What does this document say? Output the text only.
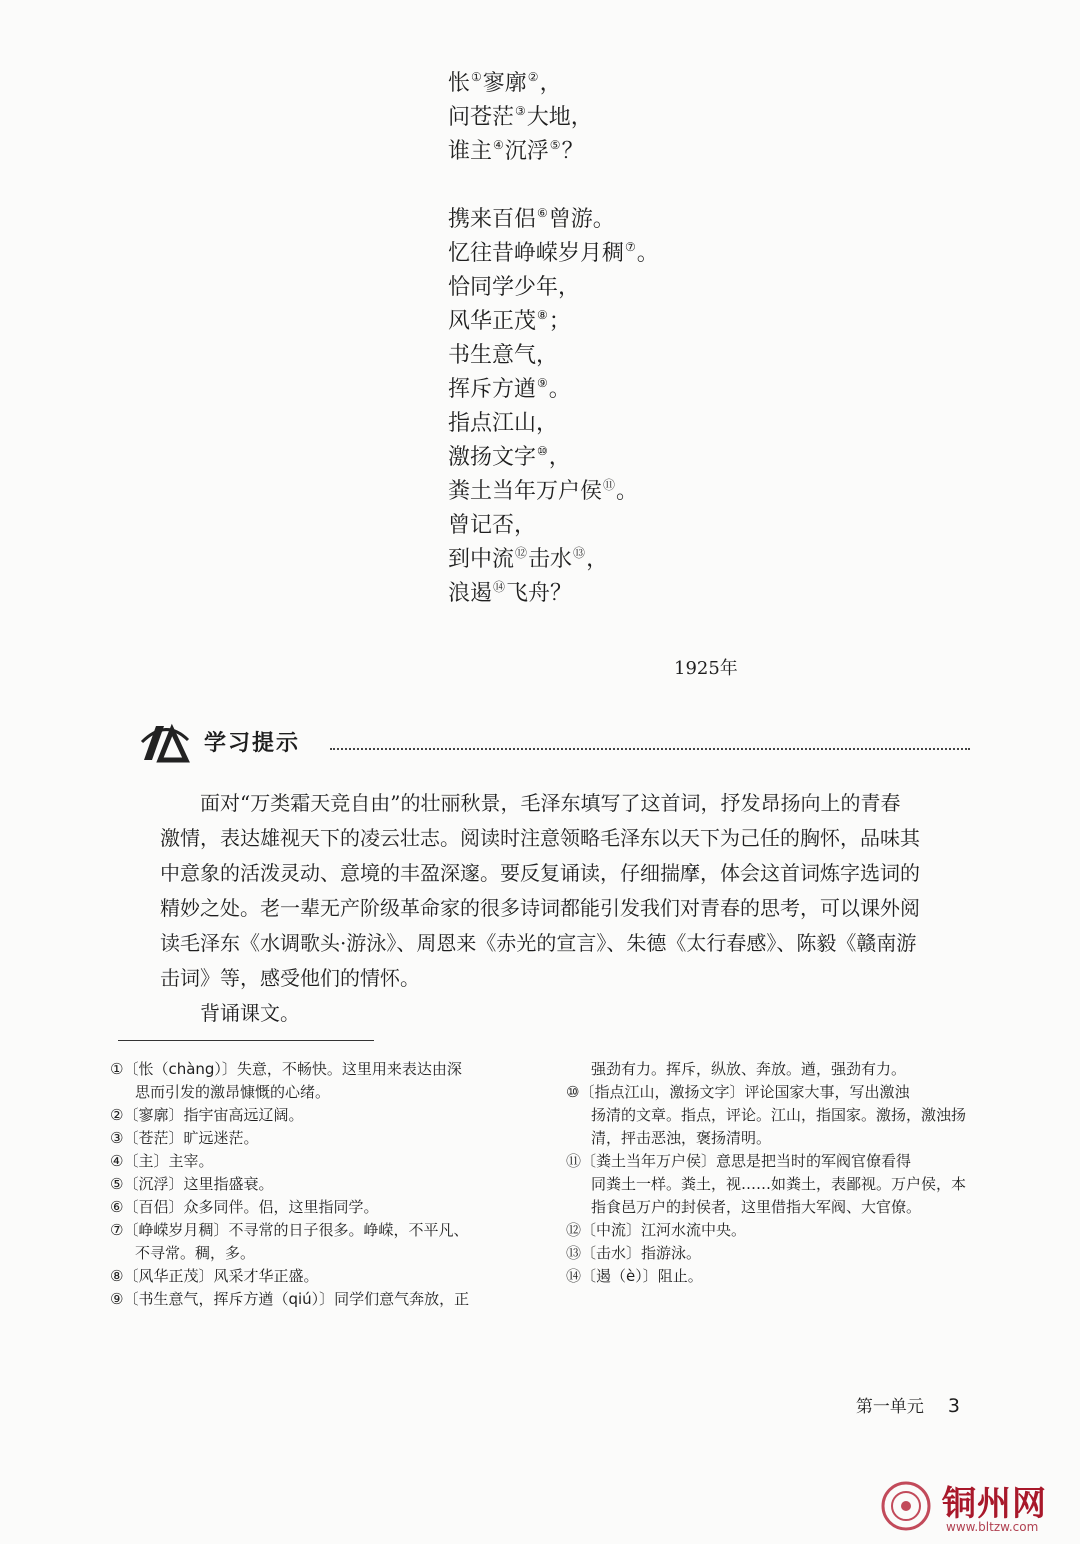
怅①寥廓②，
问苍茫③大地，
谁主④沉浮⑤？
携来百侣⑥曾游。
忆往昔峥嵘岁月稠⑦。
恰同学少年，
风华正茂⑧；
书生意气，
挥斥方遒⑨。
指点江山，
激扬文字⑩，
粪土当年万户侯⑪。
曾记否，
到中流⑫击水⑬，
浪遏⑭飞舟？
1925年
学习提示

面对“万类霜天竞自由”的壮丽秋景，毛泽东填写了这首词，抒发昂扬向上的青春激情，表达雄视天下的凌云壮志。阅读时注意领略毛泽东以天下为己任的胸怀，品味其中意象的活泼灵动、意境的丰盈深邃。要反复诵读，仔细揣摩，体会这首词炼字选词的精妙之处。老一辈无产阶级革命家的很多诗词都能引发我们对青春的思考，可以课外阅读毛泽东《水调歌头·游泳》、周恩来《赤光的宣言》、朱德《太行春感》、陈毅《赣南游击词》等，感受他们的情怀。

背诵课文。

①〔怅（chàng）〕失意，不畅快。这里用来表达由深
思而引发的激昂慷慨的心绪。
②〔寥廓〕指宇宙高远辽阔。
③〔苍茫〕旷远迷茫。
④〔主〕主宰。
⑤〔沉浮〕这里指盛衰。
⑥〔百侣〕众多同伴。侣，这里指同学。
⑦〔峥嵘岁月稠〕不寻常的日子很多。峥嵘，不平凡、
不寻常。稠，多。
⑧〔风华正茂〕风采才华正盛。
⑨〔书生意气，挥斥方遒（qiú）〕同学们意气奔放，正
强劲有力。挥斥，纵放、奔放。遒，强劲有力。
⑩〔指点江山，激扬文字〕评论国家大事，写出激浊
扬清的文章。指点，评论。江山，指国家。激扬，激浊扬清，抨击恶浊，褒扬清明。
⑪〔粪土当年万户侯〕意思是把当时的军阀官僚看得
同粪土一样。粪土，视……如粪土，表鄙视。万户侯，本指食邑万户的封侯者，这里借指大军阀、大官僚。
⑫〔中流〕江河水流中央。
⑬〔击水〕指游泳。
⑭〔遏（è）〕阻止。
第一单元 3
铜州网
www.bltzw.com
